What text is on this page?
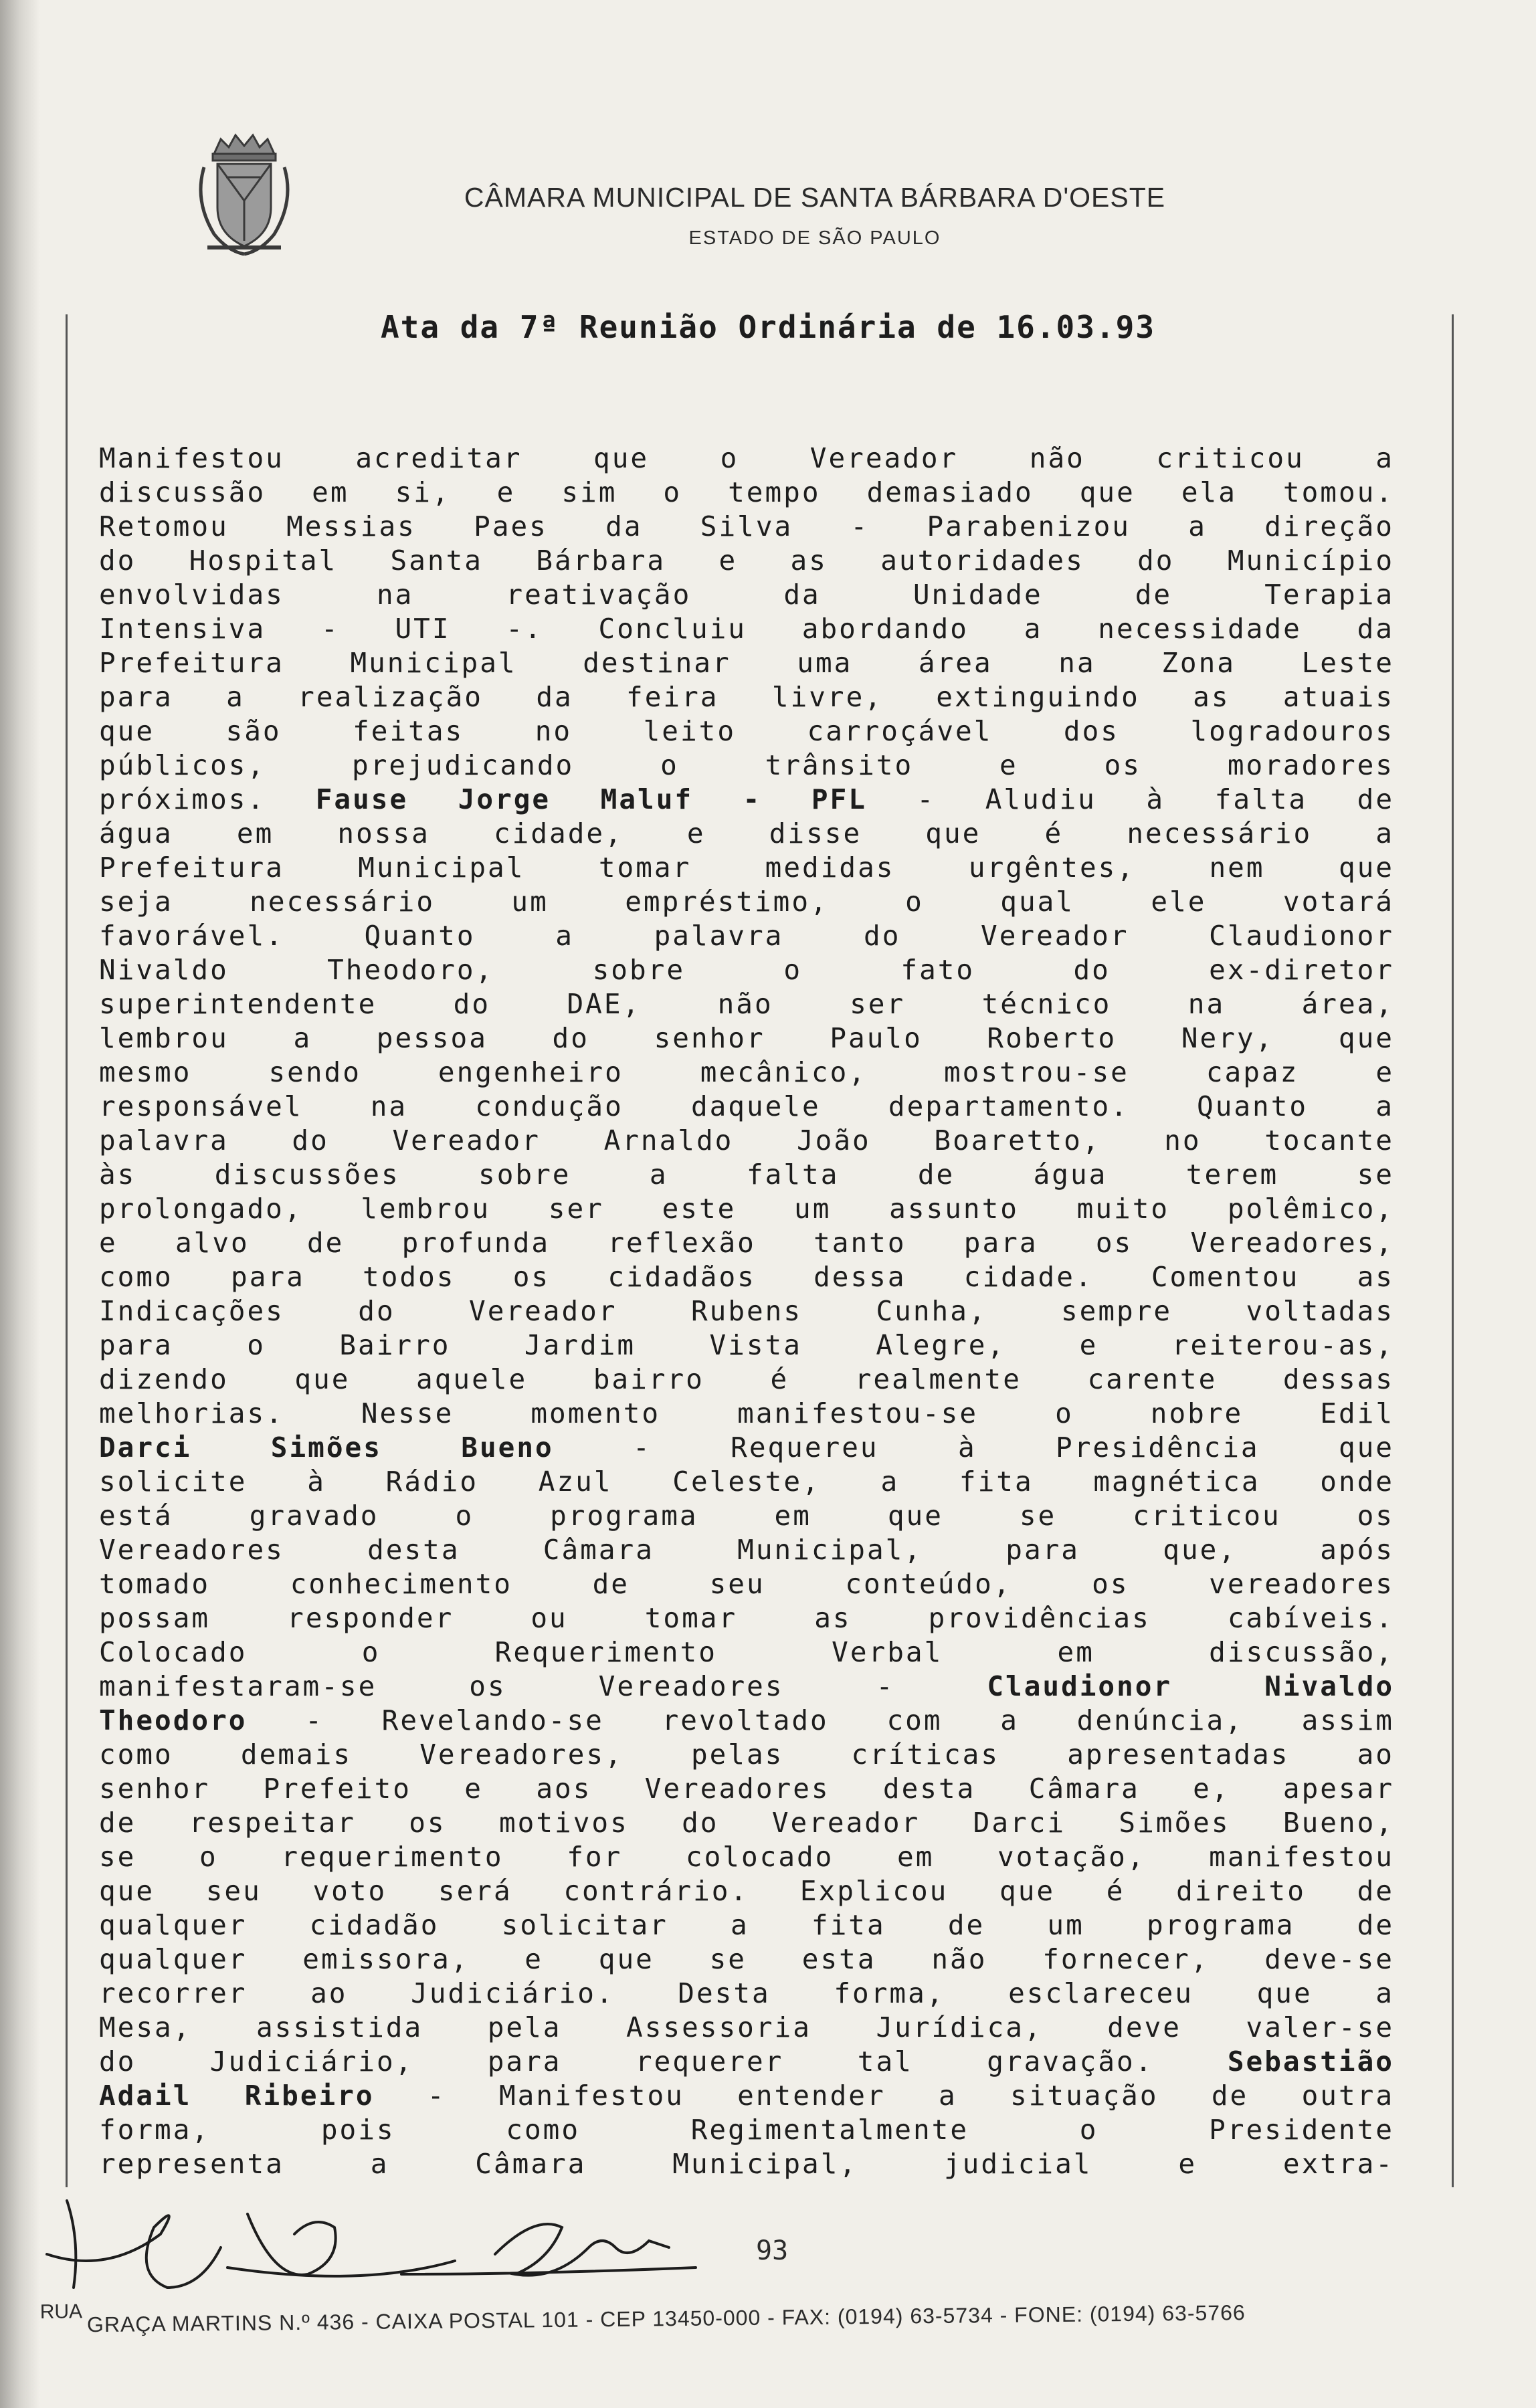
CÂMARA MUNICIPAL DE SANTA BÁRBARA D'OESTE
ESTADO DE SÃO PAULO
Ata da 7ª Reunião Ordinária de 16.03.93
Manifestou acreditar que o Vereador não criticou a
discussão em si, e sim o tempo demasiado que ela tomou.
Retomou Messias Paes da Silva - Parabenizou a direção
do Hospital Santa Bárbara e as autoridades do Município
envolvidas na reativação da Unidade de Terapia
Intensiva - UTI -. Concluiu abordando a necessidade da
Prefeitura Municipal destinar uma área na Zona Leste
para a realização da feira livre, extinguindo as atuais
que são feitas no leito carroçável dos logradouros
públicos, prejudicando o trânsito e os moradores
próximos. Fause Jorge Maluf - PFL - Aludiu à falta de
água em nossa cidade, e disse que é necessário a
Prefeitura Municipal tomar medidas urgêntes, nem que
seja necessário um empréstimo, o qual ele votará
favorável. Quanto a palavra do Vereador Claudionor
Nivaldo Theodoro, sobre o fato do ex-diretor
superintendente do DAE, não ser técnico na área,
lembrou a pessoa do senhor Paulo Roberto Nery, que
mesmo sendo engenheiro mecânico, mostrou-se capaz e
responsável na condução daquele departamento. Quanto a
palavra do Vereador Arnaldo João Boaretto, no tocante
às discussões sobre a falta de água terem se
prolongado, lembrou ser este um assunto muito polêmico,
e alvo de profunda reflexão tanto para os Vereadores,
como para todos os cidadãos dessa cidade. Comentou as
Indicações do Vereador Rubens Cunha, sempre voltadas
para o Bairro Jardim Vista Alegre, e reiterou-as,
dizendo que aquele bairro é realmente carente dessas
melhorias. Nesse momento manifestou-se o nobre Edil
Darci Simões Bueno - Requereu à Presidência que
solicite à Rádio Azul Celeste, a fita magnética onde
está gravado o programa em que se criticou os
Vereadores desta Câmara Municipal, para que, após
tomado conhecimento de seu conteúdo, os vereadores
possam responder ou tomar as providências cabíveis.
Colocado o Requerimento Verbal em discussão,
manifestaram-se os Vereadores - Claudionor Nivaldo
Theodoro - Revelando-se revoltado com a denúncia, assim
como demais Vereadores, pelas críticas apresentadas ao
senhor Prefeito e aos Vereadores desta Câmara e, apesar
de respeitar os motivos do Vereador Darci Simões Bueno,
se o requerimento for colocado em votação, manifestou
que seu voto será contrário. Explicou que é direito de
qualquer cidadão solicitar a fita de um programa de
qualquer emissora, e que se esta não fornecer, deve-se
recorrer ao Judiciário. Desta forma, esclareceu que a
Mesa, assistida pela Assessoria Jurídica, deve valer-se
do Judiciário, para requerer tal gravação. Sebastião
Adail Ribeiro - Manifestou entender a situação de outra
forma, pois como Regimentalmente o Presidente
representa a Câmara Municipal, judicial e extra-
93
RUA GRAÇA MARTINS N.º 436 - CAIXA POSTAL 101 - CEP 13450-000 - FAX: (0194) 63-5734 - FONE: (0194) 63-5766
